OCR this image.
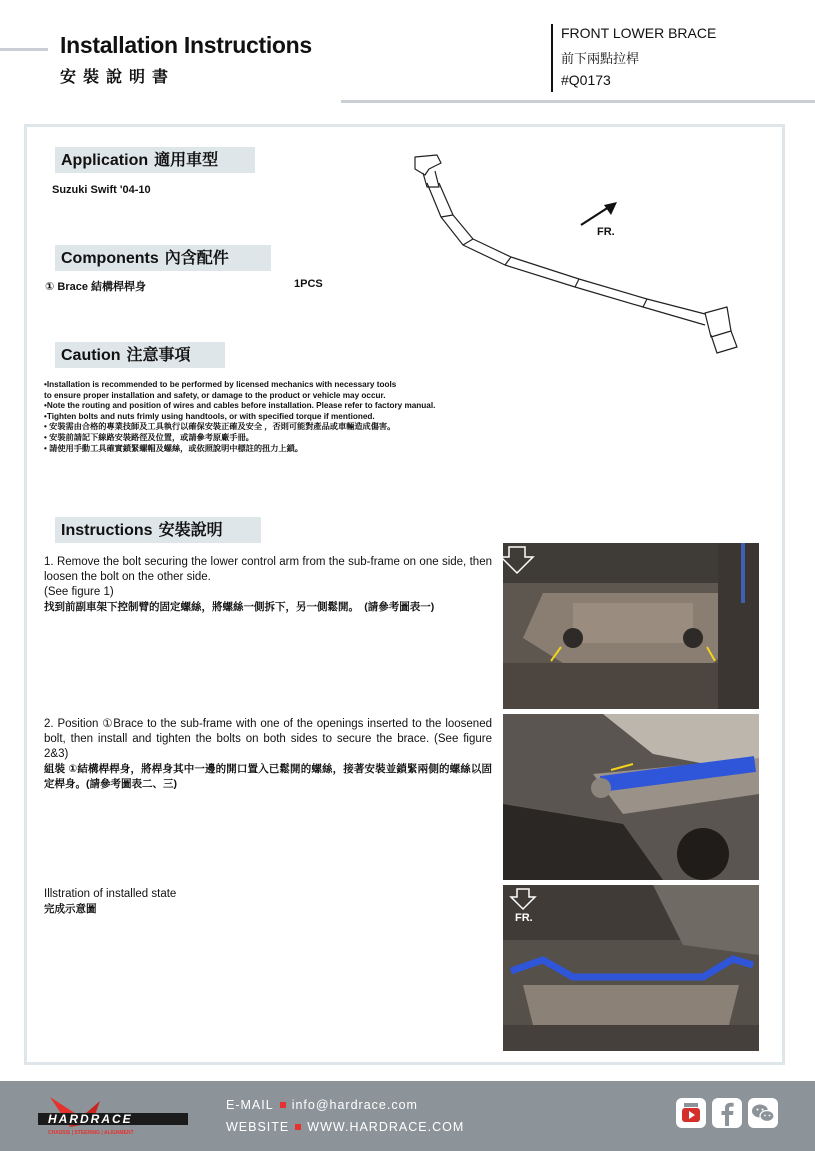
Installation Instructions
安裝說明書
FRONT LOWER BRACE
前下兩點拉桿
#Q0173
Application 適用車型
Suzuki Swift '04-10
Components 內含配件
① Brace 結構桿桿身	1PCS
FR.
Caution 注意事項
•Installation is recommended to be performed by licensed mechanics with necessary tools
to ensure proper installation and safety, or damage to the product or vehicle may occur.
•Note the routing and position of wires and cables before installation. Please refer to factory manual.
•Tighten bolts and nuts frimly using handtools, or with specified torque if mentioned.
• 安裝需由合格的專業技師及工具執行以確保安裝正確及安全 ，否則可能對產品或車輛造成傷害。
• 安裝前請記下線路安裝路徑及位置，或請參考原廠手冊。
• 請使用手動工具確實鎖緊螺帽及螺絲，或依照說明中標註的扭力上鎖。
Instructions 安裝說明
1. Remove the bolt securing the lower control arm from the sub-frame on one side, then loosen the bolt on the other side.
(See figure 1)
找到前副車架下控制臂的固定螺絲，將螺絲一側拆下，另一側鬆開。　(請參考圖表一)
2. Position ①Brace to the sub-frame with one of the openings inserted to the loosened bolt, then install and tighten the bolts on both sides to secure the brace. (See figure 2&3)
組裝 ①結構桿桿身，將桿身其中一邊的開口置入已鬆開的螺絲，接著安裝並鎖緊兩側的螺絲以固定桿身。(請參考圖表二、三)
Illstration of installed state
完成示意圖
FR.
HARDRACE
CHASSIS | STEERING | ALIGNMENT
E-MAIL info@hardrace.com
WEBSITE WWW.HARDRACE.COM
